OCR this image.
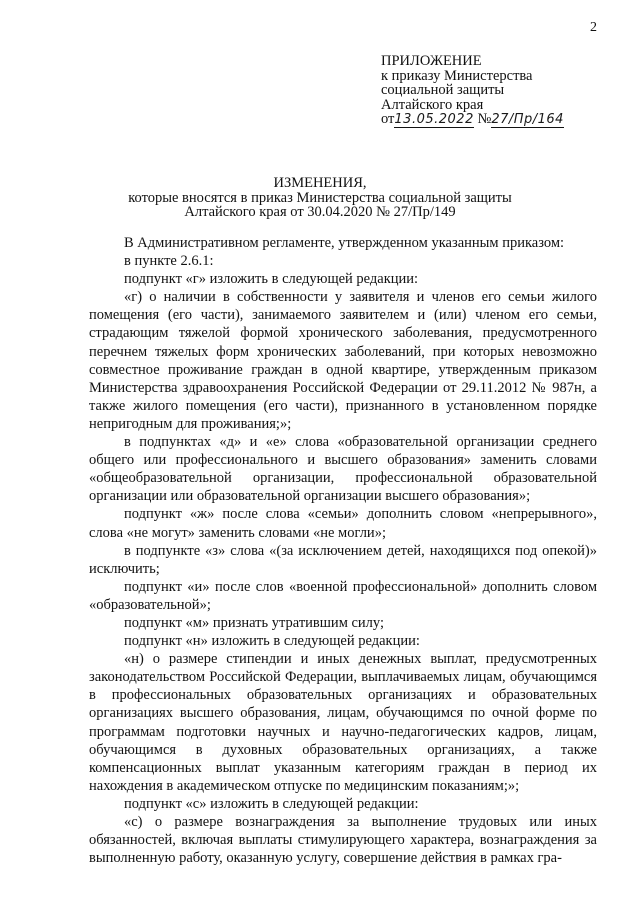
2
ПРИЛОЖЕНИЕ
к приказу Министерства
социальной защиты
Алтайского края
от13.05.2022 №27/Пр/164
ИЗМЕНЕНИЯ,
которые вносятся в приказ Министерства социальной защиты
Алтайского края от 30.04.2020 № 27/Пр/149

В Административном регламенте, утвержденном указанным приказом:

в пункте 2.6.1:

подпункт «г» изложить в следующей редакции:

«г) о наличии в собственности у заявителя и членов его семьи жилого помещения (его части), занимаемого заявителем и (или) членом его семьи, страдающим тяжелой формой хронического заболевания, предусмотренного перечнем тяжелых форм хронических заболеваний, при которых невозможно совместное проживание граждан в одной квартире, утвержденным приказом Министерства здравоохранения Российской Федерации от 29.11.2012 № 987н, а также жилого помещения (его части), признанного в установленном порядке непригодным для проживания;»;

в подпунктах «д» и «е» слова «образовательной организации среднего общего или профессионального и высшего образования» заменить словами «общеобразовательной организации, профессиональной образовательной организации или образовательной организации высшего образования»;

подпункт «ж» после слова «семьи» дополнить словом «непрерывного», слова «не могут» заменить словами «не могли»;

в подпункте «з» слова «(за исключением детей, находящихся под опекой)» исключить;

подпункт «и» после слов «военной профессиональной» дополнить словом «образовательной»;

подпункт «м» признать утратившим силу;

подпункт «н» изложить в следующей редакции:

«н) о размере стипендии и иных денежных выплат, предусмотренных законодательством Российской Федерации, выплачиваемых лицам, обучающимся в профессиональных образовательных организациях и образовательных организациях высшего образования, лицам, обучающимся по очной форме по программам подготовки научных и научно-педагогических кадров, лицам, обучающимся в духовных образовательных организациях, а также компенсационных выплат указанным категориям граждан в период их нахождения в академическом отпуске по медицинским показаниям;»;

подпункт «с» изложить в следующей редакции:

«с) о размере вознаграждения за выполнение трудовых или иных обязанностей, включая выплаты стимулирующего характера, вознаграждения за выполненную работу, оказанную услугу, совершение действия в рамках гра-
